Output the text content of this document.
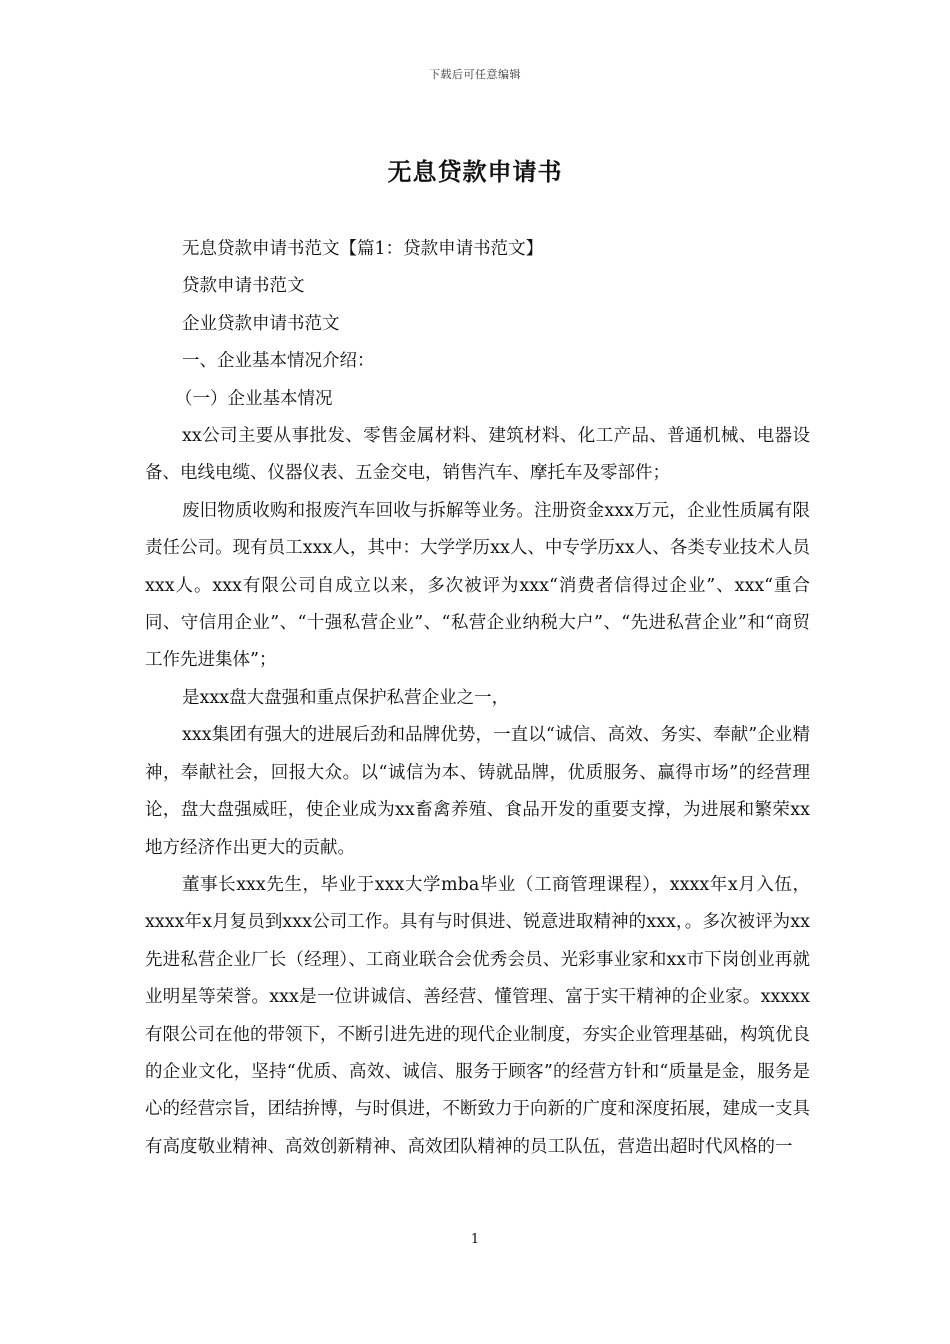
下载后可任意编辑
无息贷款申请书

无息贷款申请书范文【篇1：贷款申请书范文】

贷款申请书范文

企业贷款申请书范文

一、企业基本情况介绍：

（一）企业基本情况

xx公司主要从事批发、零售金属材料、建筑材料、化工产品、普通机械、电器设备、电线电缆、仪器仪表、五金交电，销售汽车、摩托车及零部件；

废旧物质收购和报废汽车回收与拆解等业务。注册资金xxx万元，企业性质属有限责任公司。现有员工xxx人，其中：大学学历xx人、中专学历xx人、各类专业技术人员xxx人。xxx有限公司自成立以来，多次被评为xxx“消费者信得过企业”、xxx“重合同、守信用企业”、“十强私营企业”、“私营企业纳税大户”、“先进私营企业”和“商贸工作先进集体”；

是xxx盘大盘强和重点保护私营企业之一，

xxx集团有强大的进展后劲和品牌优势，一直以“诚信、高效、务实、奉献”企业精神，奉献社会，回报大众。以“诚信为本、铸就品牌，优质服务、赢得市场”的经营理论，盘大盘强威旺，使企业成为xx畜禽养殖、食品开发的重要支撑，为进展和繁荣xx地方经济作出更大的贡献。

董事长xxx先生，毕业于xxx大学mba毕业（工商管理课程），xxxx年x月入伍，xxxx年x月复员到xxx公司工作。具有与时俱进、锐意进取精神的xxx，。多次被评为xx先进私营企业厂长（经理）、工商业联合会优秀会员、光彩事业家和xx市下岗创业再就业明星等荣誉。xxx是一位讲诚信、善经营、懂管理、富于实干精神的企业家。xxxxx有限公司在他的带领下，不断引进先进的现代企业制度，夯实企业管理基础，构筑优良的企业文化，坚持“优质、高效、诚信、服务于顾客”的经营方针和“质量是金，服务是心的经营宗旨，团结拚博，与时俱进，不断致力于向新的广度和深度拓展，建成一支具有高度敬业精神、高效创新精神、高效团队精神的员工队伍，营造出超时代风格的一

1
